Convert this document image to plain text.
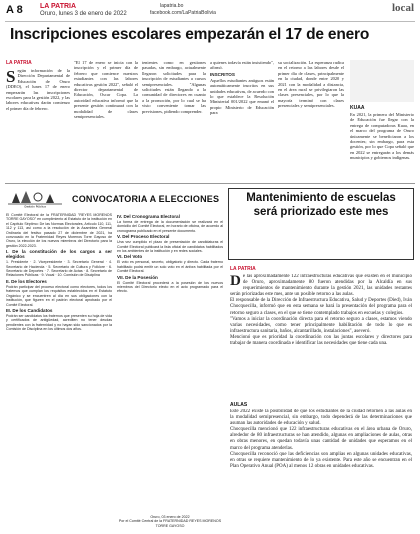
A 8 LA PATRIA
Oruro, lunes 3 de enero de 2022
lapatria.bo
facebook.com/LaPatriaBolivia	local
Inscripciones escolares empezarán el 17 de enero
LA PATRIA
Según información de la Dirección Departamental de Educación de Oruro (DDEO), el lunes 17 de enero empezarán las inscripciones escolares para la gestión 2022, y las labores educativas darán comienzo el primer día de febrero.
"El 17 de enero se inicia con la inscripción y el primer día de febrero que comience nuestros estudiantes con las labores educativas gestión 2022", señaló el director departamental de Educación, Oscar Copa. La autoridad educativa informó que la presente gestión continuará con la modalidad de clases semipresenciales.
tenientes como en gestiones pasadas, sin embargo, actualmente llegaron solicitudes para la inscripción de estudiantes a cursos semipresenciales. "Algunas solicitudes están llegando a la comunidad de directores en cuanto a la promoción, por lo cual se ha visto conveniente tomar las previsiones, pidiendo comprender.
a quienes todavía están insistiendo", afirmó.
INSCRITOS
Aquellos estudiantes antiguos están automáticamente inscritos en sus unidades educativas, de acuerdo con lo que establece la Resolución Ministerial 001/2022 que emanó el propio Ministerio de Educación para
su socialización. La esperanza radica en el retorno a las labores desde el primer día de clases, principalmente en la ciudad, donde entre 2020 y 2021 con la modalidad a distancia, en el área rural se privilegiaron las clases presenciales, por lo que la mayoría terminó con clases presenciales y semipresenciales.	KUAA
En 2021, la primera del Ministerio de Educación fue llegar con la entrega de computadoras Kuaa, en el marco del programa de Oruro únicamente se beneficiaron a los docentes; sin embargo, para esta gestión, por lo que Copa señaló que en 2022 se entregarán a los demás municipios y gobiernos indígenas.
Gestión Pública
CONVOCATORIA A ELECCIONES
El Comité Electoral de la FRATERNIDAD "REYES MORENOS TORRE GAYOSO" en cumplimiento al Estatuto de la institución en el Capítulo Séptimo: De las Normas Electorales, Artículo 110, 111, 112 y 113, así como a la resolución de la Asamblea General Ordinaria del festivo pasado 27 de diciembre de 2021, ha convocado en la Fraternidad Reyes Morenos Torre Gayoso de Oruro, la elección de los nuevos miembros del Directorio para la gestión 2022-2023.
I. De la constitución de los cargos a ser elegidos
1. Presidente · 2. Vicepresidente · 3. Secretario General · 4. Secretario de Hacienda · 5. Secretario de Cultura y Folklore · 6. Secretario de Deportes · 7. Secretario de Actas · 8. Secretario de Relaciones Públicas · 9. Vocal · 10. Comisión de Disciplina
II. De los Electores
Podrán participar del proceso electoral como electores, todos los fraternos que cumplan los requisitos establecidos en el Estatuto Orgánico y se encuentren al día en sus obligaciones con la institución, que figuren en el padrón electoral aprobado por el Comité Electoral.
III. De los Candidatos
Podrán ser candidatos los fraternos que presenten su hoja de vida y certificados de antigüedad, acrediten no tener deudas pendientes con la fraternidad y no hayan sido sancionados por la Comisión de Disciplina en los últimos dos años.
IV. Del Cronograma Electoral
La forma de entrega de la documentación se realizará en el domicilio del Comité Electoral, en horario de oficina, de acuerdo al cronograma publicado en el presente documento.
V. Del Proceso Electoral
Una vez cumplido el plazo de presentación de candidaturas el Comité Electoral publicará la lista oficial de candidatos habilitados en los ambientes de la institución y en redes sociales.
VI. Del Voto
El voto es personal, secreto, obligatorio y directo. Cada fraterno habilitado podrá emitir un solo voto en el ánfora habilitada por el Comité Electoral.
VII. De la Posesión
El Comité Electoral procederá a la posesión de los nuevos miembros del Directorio electo en el acto programado para el efecto.
Oruro, 03 enero de 2022
Por el Comité Central de la FRATERNIDAD REYES MORENOS TORRE GAYOSO
Mantenimiento de escuelas será priorizado este mes
LA PATRIA
De las aproximadamente 122 infraestructuras educativas que existen en el municipio de Oruro, aproximadamente 80 fueron atendidas por la Alcaldía en sus requerimientos de mantenimiento durante la gestión 2021, las unidades restantes serán priorizadas este mes, ante un posible retorno a las aulas.
El responsable de la Dirección de Infraestructura Educativa, Salud y Deportes (Died), Iván Chocquecilla, informó que en esta semana se hará la presentación del programa para el retorno seguro a clases, en el que se tiene contemplado trabajos en escuelas y colegios.
"Vamos a iniciar la coordinación directa para el retorno seguro a clases, estamos viendo varias necesidades, como tener principalmente habilitación de todo lo que es infraestructura sanitaria, baños, alcantarillado, instalaciones", aseveró.
Mencionó que es prioridad la coordinación con las juntas escolares y directores para trabajar de manera coordinada e identificar las necesidades que tiene cada una.
AULAS
Este 2022 existe la posibilidad de que los estudiantes de la ciudad retornen a las aulas en la modalidad semipresencial, sin embargo, todo dependerá de las determinaciones que asuman las autoridades de educación y salud.
Chocquecilla mencionó que 122 infraestructuras educativas en el área urbana de Oruro, alrededor de 80 infraestructuras se han atendido, algunas en ampliaciones de aulas, otras en obras menores, en quedan todavía unas cantidad de unidades que esperamos en el marco del programa atenderlas.
Chocquecilla reconoció que las deficiencias son amplias en algunas unidades educativas, en otras se requiere mantenimiento de lo ya existente. Para este año se encuentran en el Plan Operativo Anual (POA) al menos 12 obras en unidades educativas.
